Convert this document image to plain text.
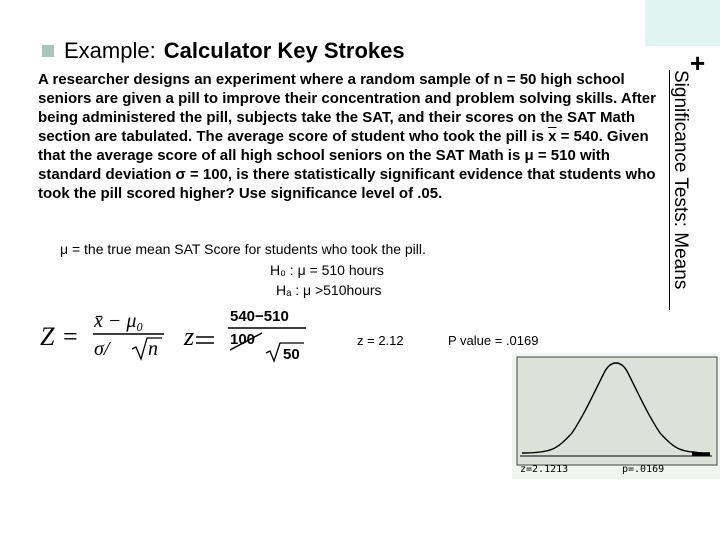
+
Significance Tests: Means
Example: Calculator Key Strokes
A researcher designs an experiment where a random sample of n = 50 high school seniors are given a pill to improve their concentration and problem solving skills. After being administered the pill, subjects take the SAT, and their scores on the SAT Math section are tabulated. The average score of student who took the pill is $\overline{x} = 540$. Given that the average score of all high school seniors on the SAT Math is μ = 510 with standard deviation σ = 100, is there statistically significant evidence that students who took the pill scored higher? Use significance level of .05.
μ = the true mean SAT Score for students who took the pill.
H₀ : μ = 510 hours
Hₐ : μ >510hours
Z =
x̄ − μ₀
σ/ n z
540−510
100
50
z = 2.12	P value = .0169
z=2.1213	p=.0169
